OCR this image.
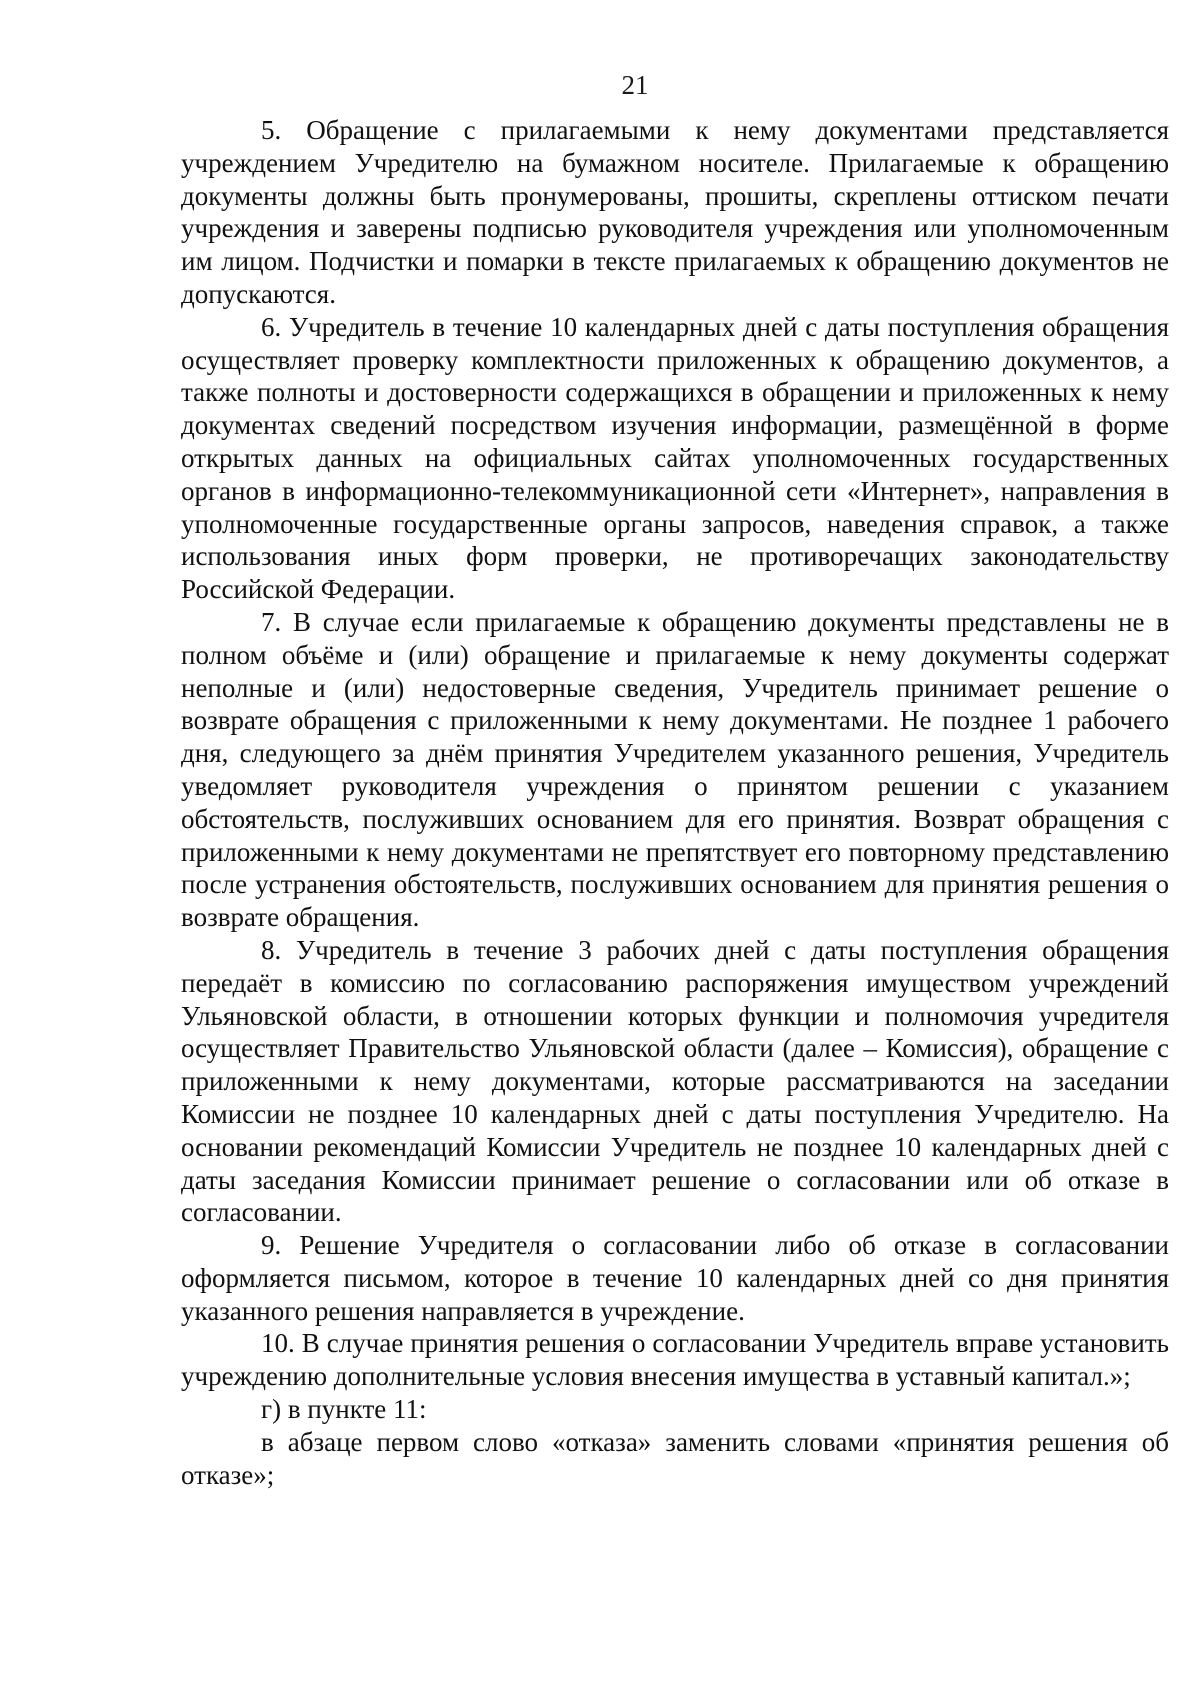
21

5. Обращение с прилагаемыми к нему документами представляется учреждением Учредителю на бумажном носителе. Прилагаемые к обращению документы должны быть пронумерованы, прошиты, скреплены оттиском печати учреждения и заверены подписью руководителя учреждения или уполномоченным им лицом. Подчистки и помарки в тексте прилагаемых к обращению документов не допускаются.

6. Учредитель в течение 10 календарных дней с даты поступления обращения осуществляет проверку комплектности приложенных к обращению документов, а также полноты и достоверности содержащихся в обращении и приложенных к нему документах сведений посредством изучения информации, размещённой в форме открытых данных на официальных сайтах уполномоченных государственных органов в информационно-телекоммуникационной сети «Интернет», направления в уполномоченные государственные органы запросов, наведения справок, а также использования иных форм проверки, не противоречащих законодательству Российской Федерации.

7. В случае если прилагаемые к обращению документы представлены не в полном объёме и (или) обращение и прилагаемые к нему документы содержат неполные и (или) недостоверные сведения, Учредитель принимает решение о возврате обращения с приложенными к нему документами. Не позднее 1 рабочего дня, следующего за днём принятия Учредителем указанного решения, Учредитель уведомляет руководителя учреждения о принятом решении с указанием обстоятельств, послуживших основанием для его принятия. Возврат обращения с приложенными к нему документами не препятствует его повторному представлению после устранения обстоятельств, послуживших основанием для принятия решения о возврате обращения.

8. Учредитель в течение 3 рабочих дней с даты поступления обращения передаёт в комиссию по согласованию распоряжения имуществом учреждений Ульяновской области, в отношении которых функции и полномочия учредителя осуществляет Правительство Ульяновской области (далее – Комиссия), обращение с приложенными к нему документами, которые рассматриваются на заседании Комиссии не позднее 10 календарных дней с даты поступления Учредителю. На основании рекомендаций Комиссии Учредитель не позднее 10 календарных дней с даты заседания Комиссии принимает решение о согласовании или об отказе в согласовании.

9. Решение Учредителя о согласовании либо об отказе в согласовании оформляется письмом, которое в течение 10 календарных дней со дня принятия указанного решения направляется в учреждение.

10. В случае принятия решения о согласовании Учредитель вправе установить учреждению дополнительные условия внесения имущества в уставный капитал.»;

г) в пункте 11:

в абзаце первом слово «отказа» заменить словами «принятия решения об отказе»;
